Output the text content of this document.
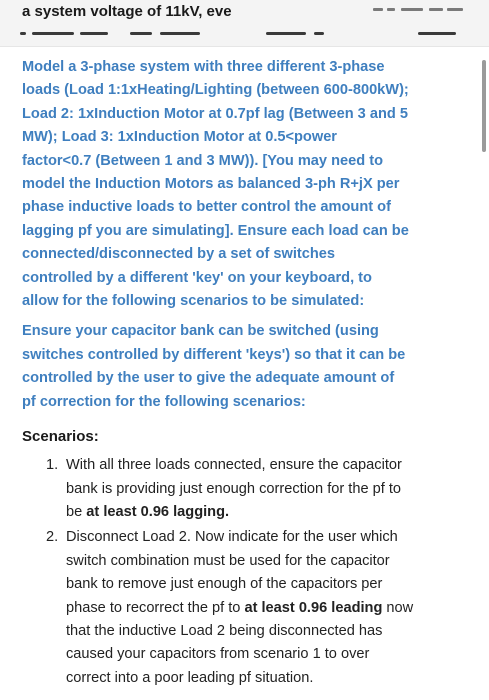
a system voltage of 11kV, eve

Model a 3-phase system with three different 3-phase
loads (Load 1:1xHeating/Lighting (between 600-800kW);
Load 2: 1xInduction Motor at 0.7pf lag (Between 3 and 5
MW); Load 3: 1xInduction Motor at 0.5<power
factor<0.7 (Between 1 and 3 MW)). [You may need to
model the Induction Motors as balanced 3-ph R+jX per
phase inductive loads to better control the amount of
lagging pf you are simulating]. Ensure each load can be
connected/disconnected by a set of switches
controlled by a different 'key' on your keyboard, to
allow for the following scenarios to be simulated:

Ensure your capacitor bank can be switched (using
switches controlled by different 'keys') so that it can be
controlled by the user to give the adequate amount of
pf correction for the following scenarios:

Scenarios:
1. With all three loads connected, ensure the capacitor
bank is providing just enough correction for the pf to
be at least 0.96 lagging.
2. Disconnect Load 2. Now indicate for the user which
switch combination must be used for the capacitor
bank to remove just enough of the capacitors per
phase to recorrect the pf to at least 0.96 leading now
that the inductive Load 2 being disconnected has
caused your capacitors from scenario 1 to over
correct into a poor leading pf situation.
